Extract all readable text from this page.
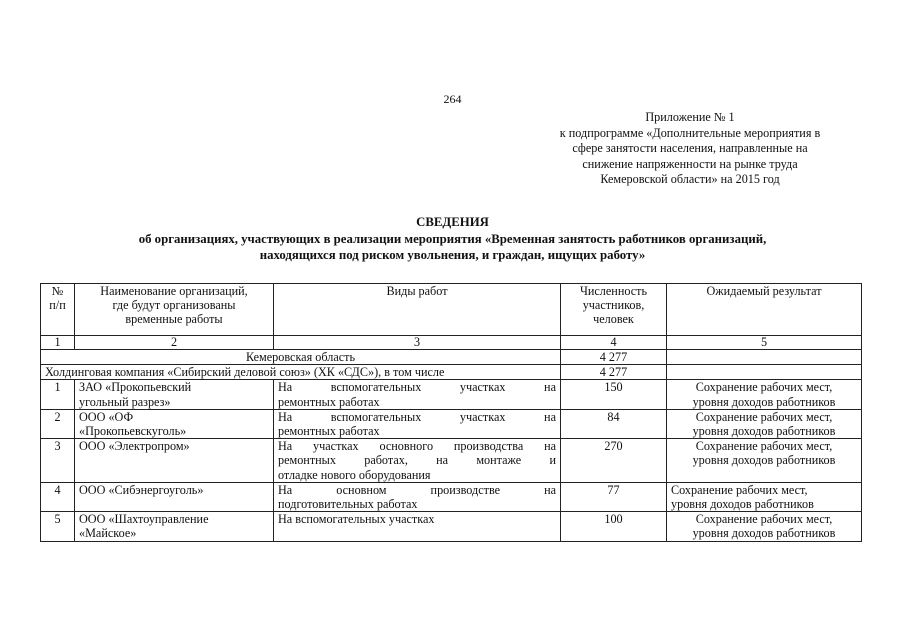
264
Приложение № 1
к подпрограмме «Дополнительные мероприятия в
сфере занятости населения, направленные на
снижение напряженности на рынке труда
Кемеровской области» на 2015 год
СВЕДЕНИЯ
об организациях, участвующих в реализации мероприятия «Временная занятость работников организаций,
находящихся под риском увольнения, и граждан, ищущих работу»
№
п/п	Наименование организаций,
где будут организованы
временные работы	Виды работ	Численность
участников,
человек	Ожидаемый результат
1	2	3	4	5
Кемеровская область			4 277	
Холдинговая компания «Сибирский деловой союз» (ХК «СДС»), в том числе			4 277	
1	ЗАО «Прокопьевский
угольный разрез»	На вспомогательных участках на
ремонтных работах	150	Сохранение рабочих мест,
уровня доходов работников

2	ООО «ОФ
«Прокопьевскуголь»	На вспомогательных участках на
ремонтных работах	84	Сохранение рабочих мест,
уровня доходов работников

3	ООО «Электропром»	На участках основного производства на
ремонтных работах, на монтаже и
отладке нового оборудования	270	Сохранение рабочих мест,
уровня доходов работников

4	ООО «Сибэнергоуголь»	На основном производстве на
подготовительных работах	77	Сохранение рабочих мест,
уровня доходов работников

5	ООО «Шахтоуправление
«Майское»	На вспомогательных участках	100	Сохранение рабочих мест,
уровня доходов работников
